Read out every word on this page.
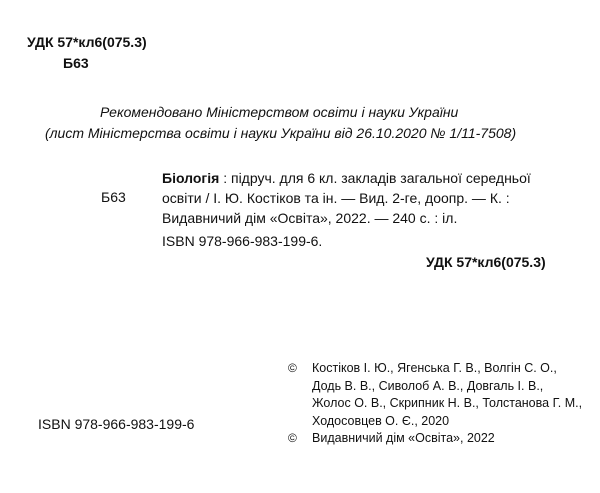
УДК 57*кл6(075.3)
Б63
Рекомендовано Міністерством освіти і науки України
(лист Міністерства освіти і науки України від 26.10.2020 № 1/11-7508)
Б63
Біологія : підруч. для 6 кл. закладів загальної середньої
освіти / І. Ю. Костіков та ін. — Вид. 2-ге, доопр. — К. :
Видавничий дім «Освіта», 2022. — 240 с. : іл.
ISBN 978-966-983-199-6.
УДК 57*кл6(075.3)
©	Костіков І. Ю., Ягенська Г. В., Волгін С. О.,
Додь В. В., Сиволоб А. В., Довгаль І. В.,
Жолос О. В., Скрипник Н. В., Толстанова Г. М.,
Ходосовцев О. Є., 2020
©	Видавничий дім «Освіта», 2022
ISBN 978-966-983-199-6
